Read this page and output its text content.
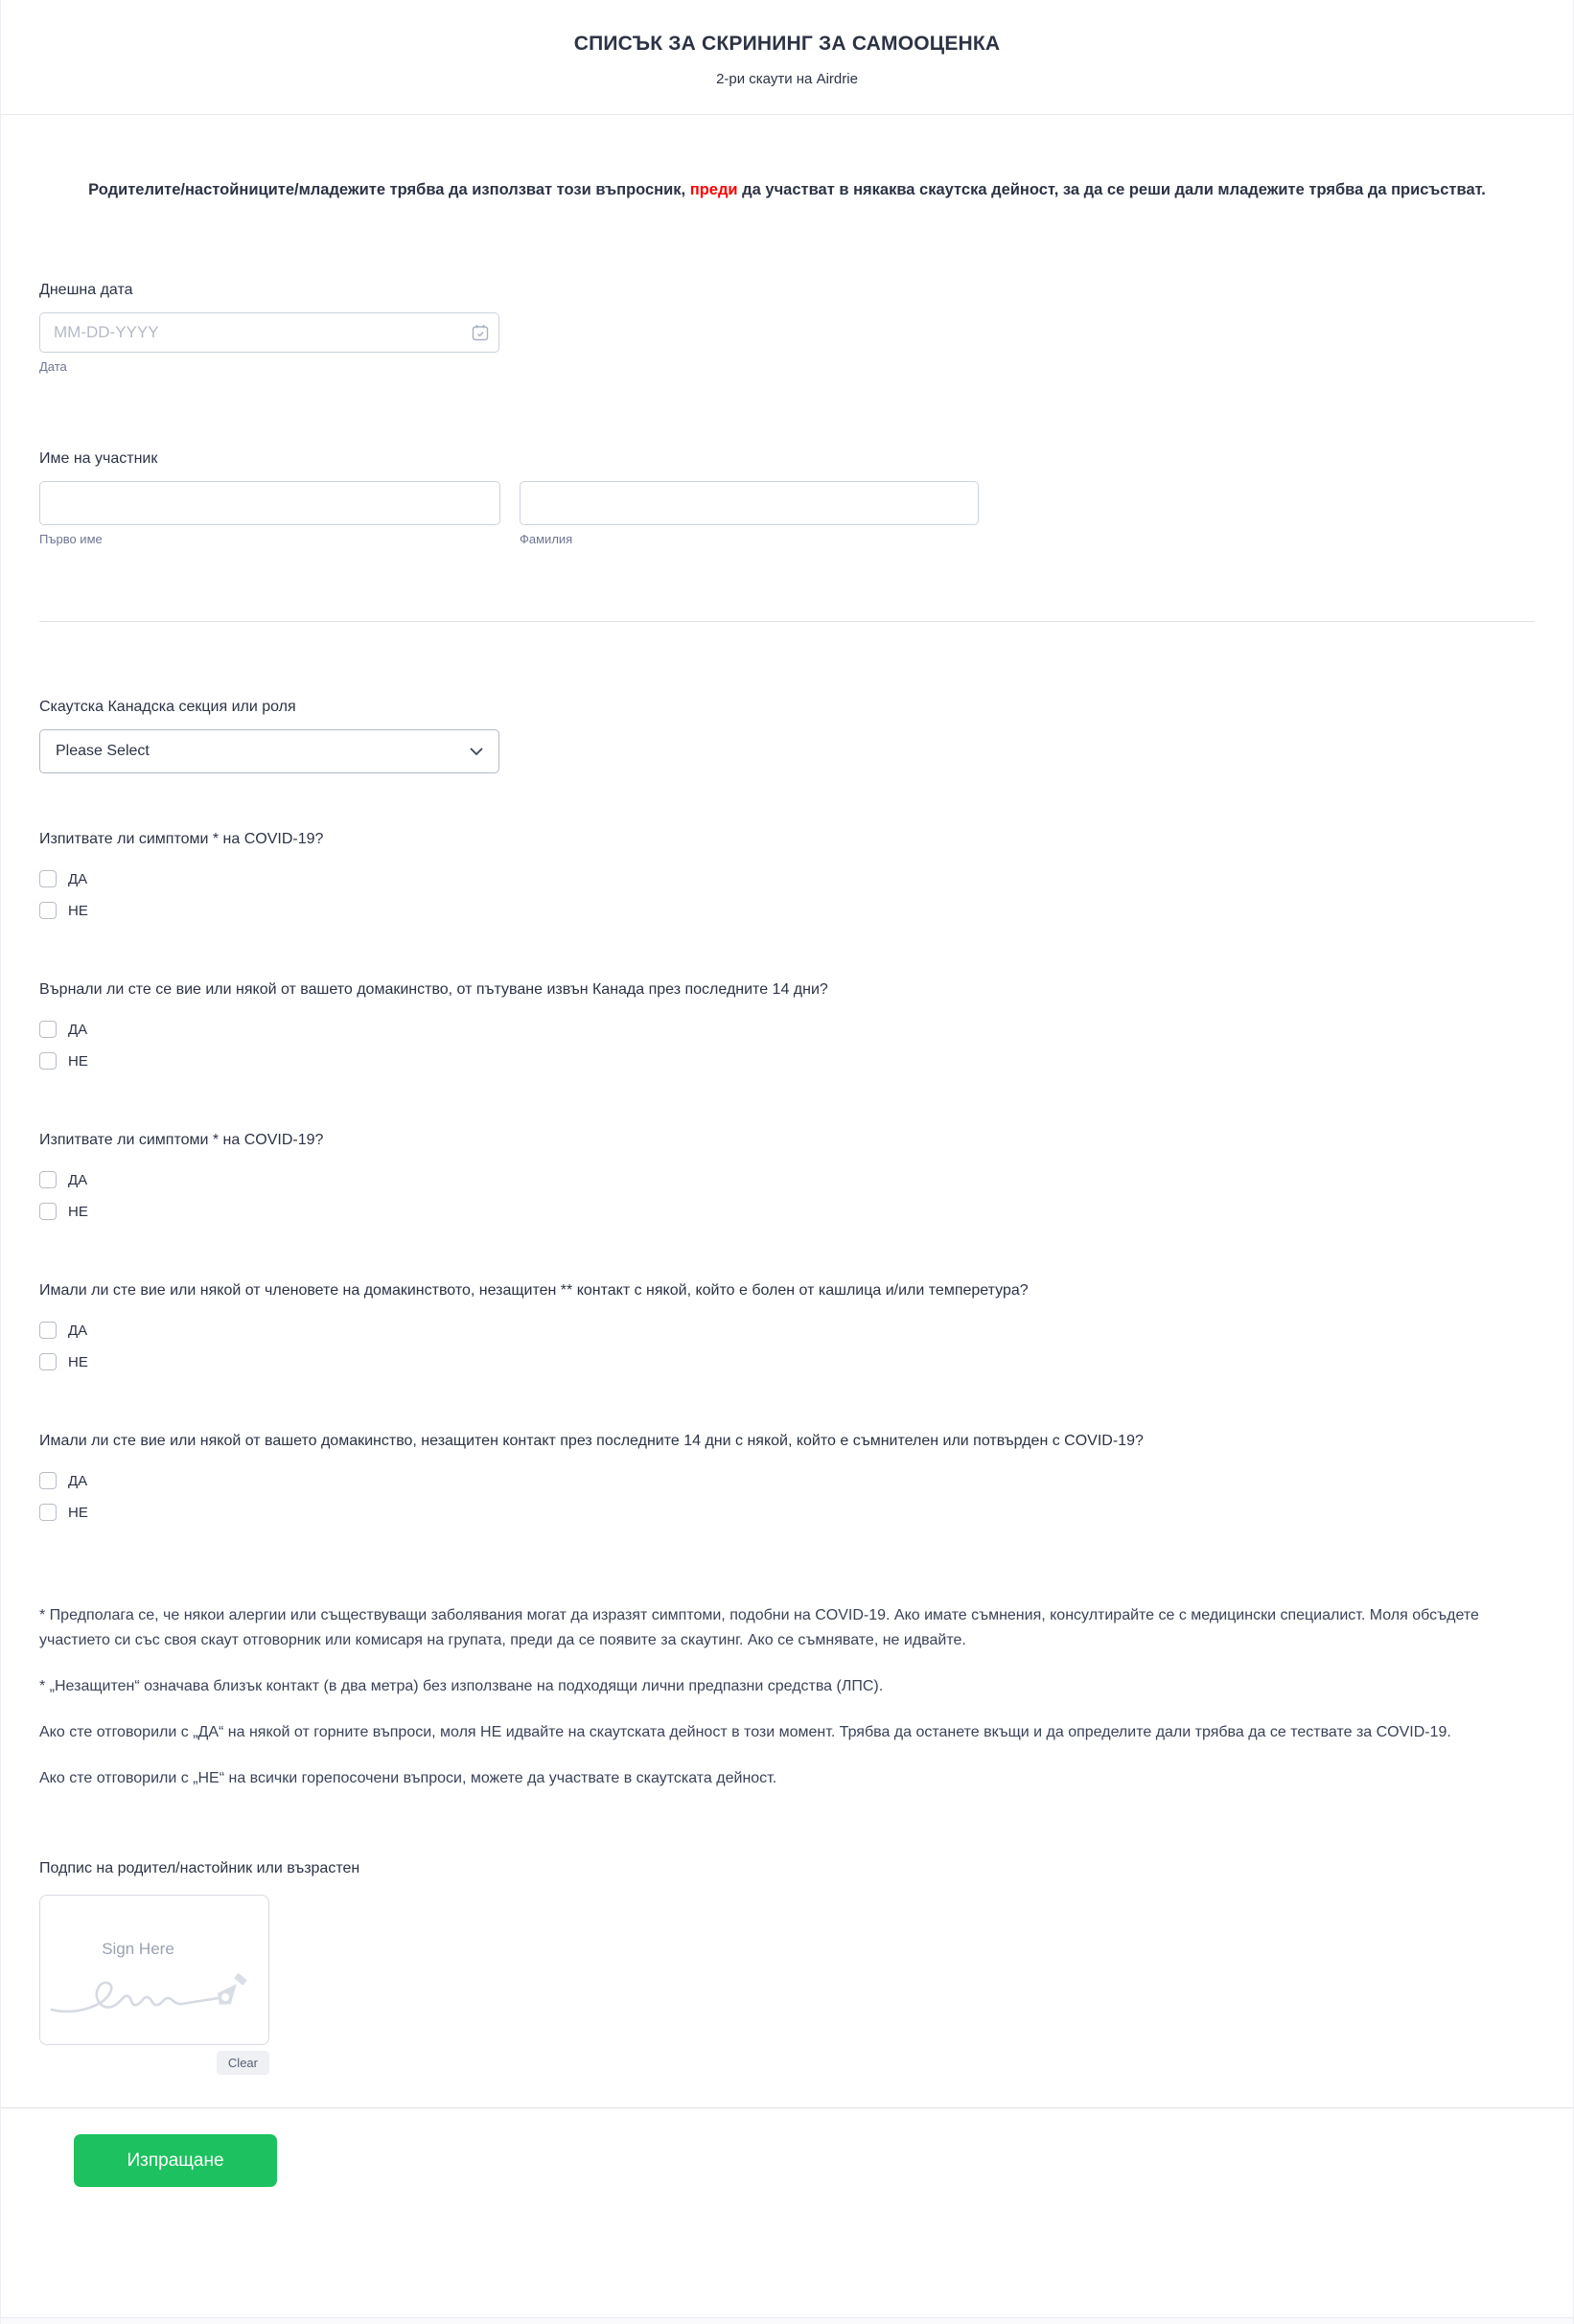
СПИСЪК ЗА СКРИНИНГ ЗА САМООЦЕНКА
2-ри скаути на Airdrie
Родителите/настойниците/младежите трябва да използват този въпросник, преди да участват в някаква скаутска дейност, за да се реши дали младежите трябва да присъстват.
Днешна дата
MM-DD-YYYY
Дата
Име на участник
Първо име	Фамилия
Скаутска Канадска секция или роля
Please Select
Изпитвате ли симптоми * на COVID-19?
ДА
НЕ
Върнали ли сте се вие или някой от вашето домакинство, от пътуване извън Канада през последните 14 дни?
ДА
НЕ
Изпитвате ли симптоми * на COVID-19?
ДА
НЕ
Имали ли сте вие или някой от членовете на домакинството, незащитен ** контакт с някой, който е болен от кашлица и/или темперетура?
ДА
НЕ
Имали ли сте вие или някой от вашето домакинство, незащитен контакт през последните 14 дни с някой, който е съмнителен или потвърден с COVID-19?
ДА
НЕ

* Предполага се, че някои алергии или съществуващи заболявания могат да изразят симптоми, подобни на COVID-19. Ако имате съмнения, консултирайте се с медицински специалист. Моля обсъдете участието си със своя скаут отговорник или комисаря на групата, преди да се появите за скаутинг. Ако се съмнявате, не идвайте.

* „Незащитен“ означава близък контакт (в два метра) без използване на подходящи лични предпазни средства (ЛПС).

Ако сте отговорили с „ДА“ на някой от горните въпроси, моля НЕ идвайте на скаутската дейност в този момент. Трябва да останете вкъщи и да определите дали трябва да се тествате за COVID-19.

Ако сте отговорили с „НЕ“ на всички горепосочени въпроси, можете да участвате в скаутската дейност.

Подпис на родител/настойник или възрастен
Sign Here
Clear
Изпращане
